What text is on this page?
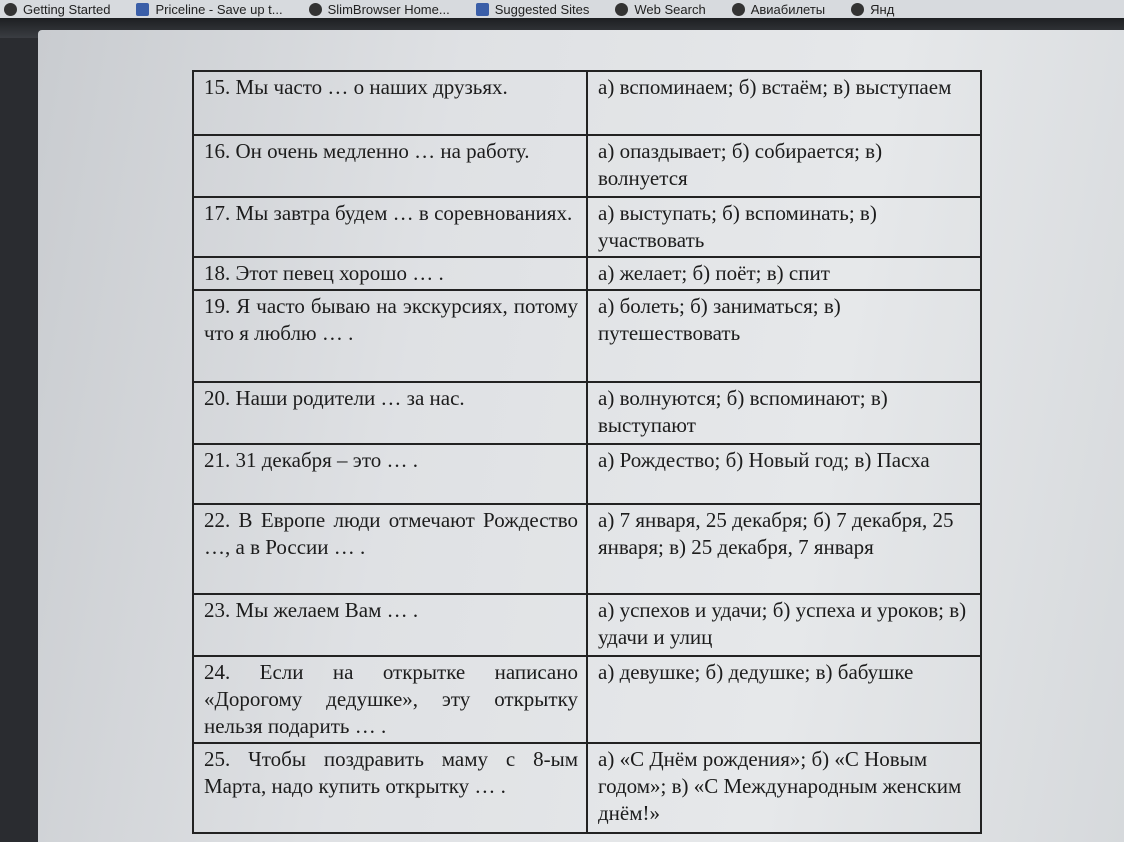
Getting Started	Priceline - Save up t...	SlimBrowser Home...	Suggested Sites	Web Search	Авиабилеты	Янд
15. Мы часто … о наших друзьях.	а) вспоминаем; б) встаём; в) выступаем
16. Он очень медленно … на работу.	а) опаздывает; б) собирается; в) волнуется
17. Мы завтра будем … в соревнованиях.	а) выступать; б) вспоминать; в) участвовать
18. Этот певец хорошо … .	а) желает; б) поёт; в) спит
19. Я часто бываю на экскурсиях, потому что я люблю … .	а) болеть; б) заниматься; в) путешествовать
20. Наши родители … за нас.	а) волнуются; б) вспоминают; в) выступают
21. 31 декабря – это … .	а) Рождество; б) Новый год; в) Пасха
22. В Европе люди отмечают Рождество …, а в России … .	а) 7 января, 25 декабря; б) 7 декабря, 25 января; в) 25 декабря, 7 января
23. Мы желаем Вам … .	а) успехов и удачи; б) успеха и уроков; в) удачи и улиц
24. Если на открытке написано «Дорогому дедушке», эту открытку нельзя подарить … .	а) девушке; б) дедушке; в) бабушке
25. Чтобы поздравить маму с 8-ым Марта, надо купить открытку … .	а) «С Днём рождения»; б) «С Новым годом»; в) «С Международным женским днём!»
